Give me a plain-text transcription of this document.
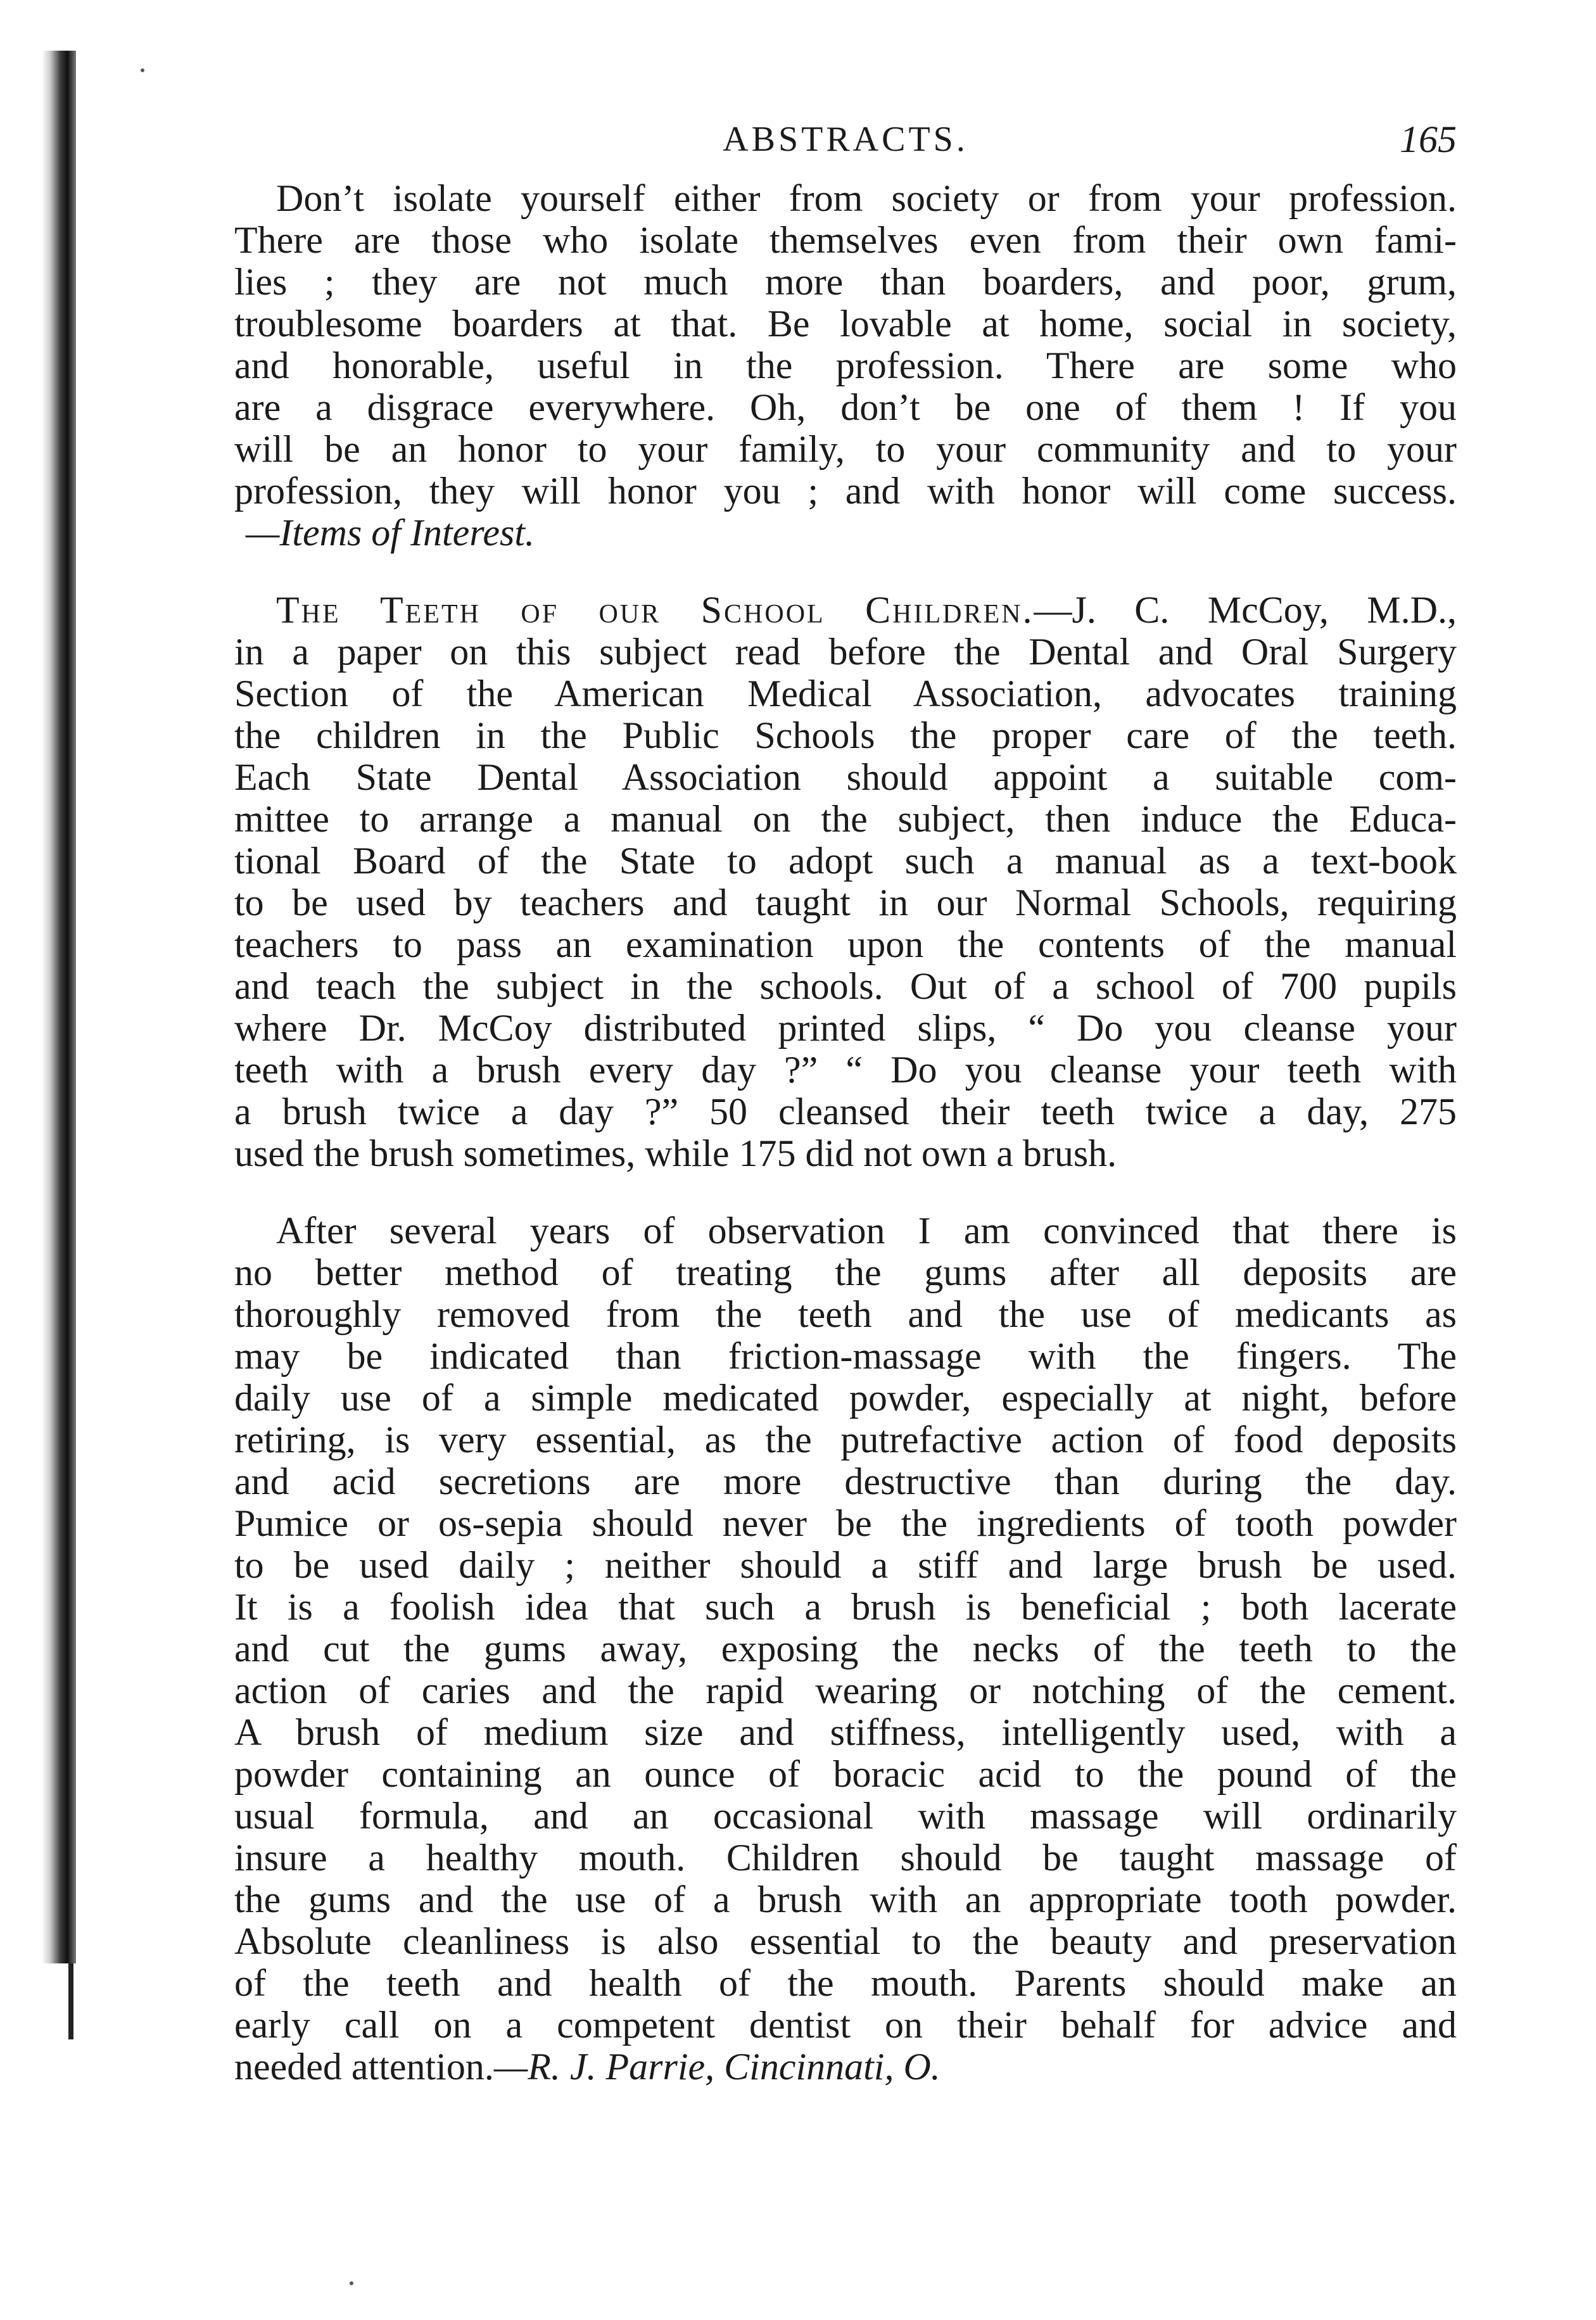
ABSTRACTS.	165
Don’t isolate yourself either from society or from your profession.
There are those who isolate themselves even from their own fami-
lies ; they are not much more than boarders, and poor, grum,
troublesome boarders at that. Be lovable at home, social in society,
and honorable, useful in the profession. There are some who
are a disgrace everywhere. Oh, don’t be one of them ! If you
will be an honor to your family, to your community and to your
profession, they will honor you ; and with honor will come success.
—Items of Interest.
The Teeth of our School Children.—J. C. McCoy, M.D.,
in a paper on this subject read before the Dental and Oral Surgery
Section of the American Medical Association, advocates training
the children in the Public Schools the proper care of the teeth.
Each State Dental Association should appoint a suitable com-
mittee to arrange a manual on the subject, then induce the Educa-
tional Board of the State to adopt such a manual as a text-book
to be used by teachers and taught in our Normal Schools, requiring
teachers to pass an examination upon the contents of the manual
and teach the subject in the schools. Out of a school of 700 pupils
where Dr. McCoy distributed printed slips, “ Do you cleanse your
teeth with a brush every day ?” “ Do you cleanse your teeth with
a brush twice a day ?” 50 cleansed their teeth twice a day, 275
used the brush sometimes, while 175 did not own a brush.
After several years of observation I am convinced that there is
no better method of treating the gums after all deposits are
thoroughly removed from the teeth and the use of medicants as
may be indicated than friction-massage with the fingers. The
daily use of a simple medicated powder, especially at night, before
retiring, is very essential, as the putrefactive action of food deposits
and acid secretions are more destructive than during the day.
Pumice or os-sepia should never be the ingredients of tooth powder
to be used daily ; neither should a stiff and large brush be used.
It is a foolish idea that such a brush is beneficial ; both lacerate
and cut the gums away, exposing the necks of the teeth to the
action of caries and the rapid wearing or notching of the cement.
A brush of medium size and stiffness, intelligently used, with a
powder containing an ounce of boracic acid to the pound of the
usual formula, and an occasional with massage will ordinarily
insure a healthy mouth. Children should be taught massage of
the gums and the use of a brush with an appropriate tooth powder.
Absolute cleanliness is also essential to the beauty and preservation
of the teeth and health of the mouth. Parents should make an
early call on a competent dentist on their behalf for advice and
needed attention.—R. J. Parrie, Cincinnati, O.
